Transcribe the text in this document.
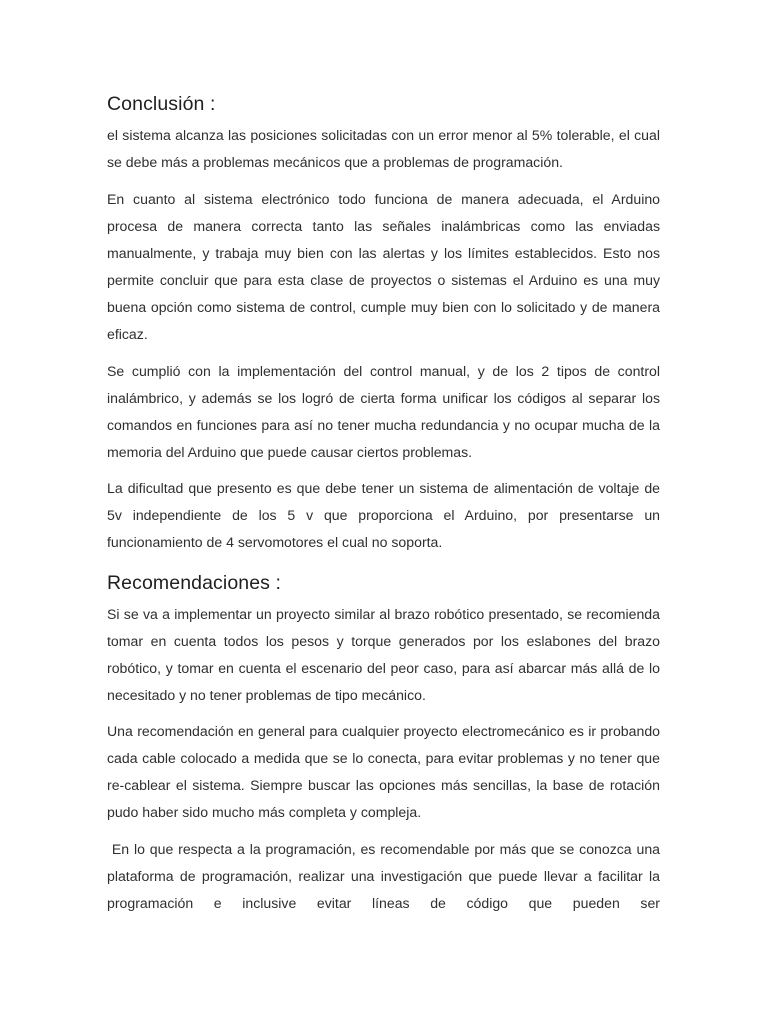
Conclusión :

el sistema alcanza las posiciones solicitadas con un error menor al 5% tolerable, el cual se debe más a problemas mecánicos que a problemas de programación.

En cuanto al sistema electrónico todo funciona de manera adecuada, el Arduino procesa de manera correcta tanto las señales inalámbricas como las enviadas manualmente, y trabaja muy bien con las alertas y los límites establecidos. Esto nos permite concluir que para esta clase de proyectos o sistemas el Arduino es una muy buena opción como sistema de control, cumple muy bien con lo solicitado y de manera eficaz.

Se cumplió con la implementación del control manual, y de los 2 tipos de control inalámbrico, y además se los logró de cierta forma unificar los códigos al separar los comandos en funciones para así no tener mucha redundancia y no ocupar mucha de la memoria del Arduino que puede causar ciertos problemas.

La dificultad que presento es que debe tener un sistema de alimentación de voltaje de 5v independiente de los 5 v que proporciona el Arduino, por presentarse un funcionamiento de 4 servomotores el cual no soporta.

Recomendaciones :

Si se va a implementar un proyecto similar al brazo robótico presentado, se recomienda tomar en cuenta todos los pesos y torque generados por los eslabones del brazo robótico, y tomar en cuenta el escenario del peor caso, para así abarcar más allá de lo necesitado y no tener problemas de tipo mecánico.

Una recomendación en general para cualquier proyecto electromecánico es ir probando cada cable colocado a medida que se lo conecta, para evitar problemas y no tener que re-cablear el sistema. Siempre buscar las opciones más sencillas, la base de rotación pudo haber sido mucho más completa y compleja.

En lo que respecta a la programación, es recomendable por más que se conozca una plataforma de programación, realizar una investigación que puede llevar a facilitar la programación e inclusive evitar líneas de código que pueden ser
